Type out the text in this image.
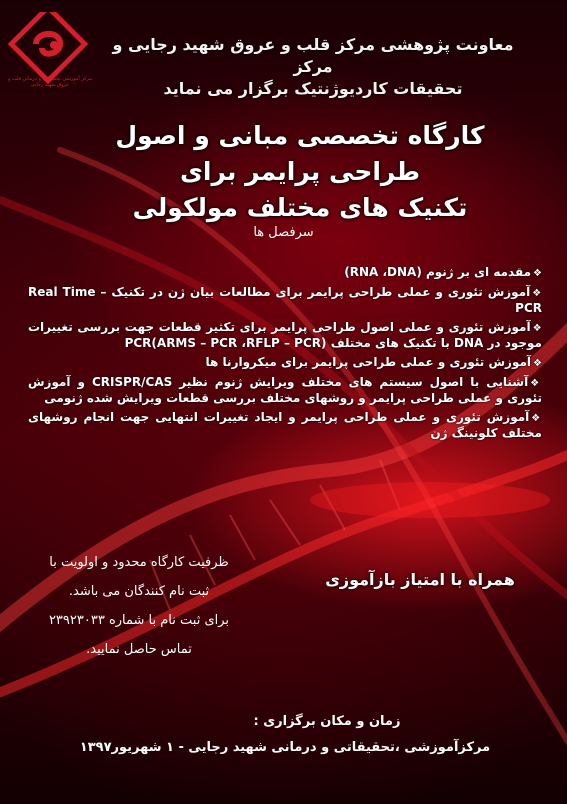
مرکز آموزشی تحقیقاتی و درمانی قلب و عروق شهید رجایی
معاونت پژوهشی مرکز قلب و عروق شهید رجایی و مرکز
تحقیقات کاردیوژنتیک برگزار می نماید
کارگاه تخصصی مبانی و اصول طراحی پرایمر برای
تکنیک های مختلف مولکولی
سرفصل ها
❖ مقدمه ای بر ژنوم (RNA ،DNA)
❖ آموزش تئوری و عملی طراحی پرایمر برای مطالعات بیان ژن در تکنیک – Real Time PCR
❖ آموزش تئوری و عملی اصول طراحی پرایمر برای تکثیر قطعات جهت بررسی تغییرات موجود در DNA با تکنیک های مختلف PCR(ARMS – PCR ،RFLP – PCR)
❖ آموزش تئوری و عملی طراحی پرایمر برای میکروارنا ها
❖ آشنایی با اصول سیستم های مختلف ویرایش ژنوم نظیر CRISPR/CAS و آموزش تئوری و عملی طراحی پرایمر و روشهای مختلف بررسی قطعات ویرایش شده ژنومی
❖ آموزش تئوری و عملی طراحی پرایمر و ایجاد تغییرات انتهایی جهت انجام روشهای مختلف کلونینگ ژن
ظرفیت کارگاه محدود و اولویت با
ثبت نام کنندگان می باشد.
برای ثبت نام با شماره ۲۳۹۲۳۰۳۳
تماس حاصل نمایید.
همراه با امتیاز بازآموزی
زمان و مکان برگزاری :
مرکزآموزشی ،تحقیقاتی و درمانی شهید رجایی - ۱ شهریور۱۳۹۷
